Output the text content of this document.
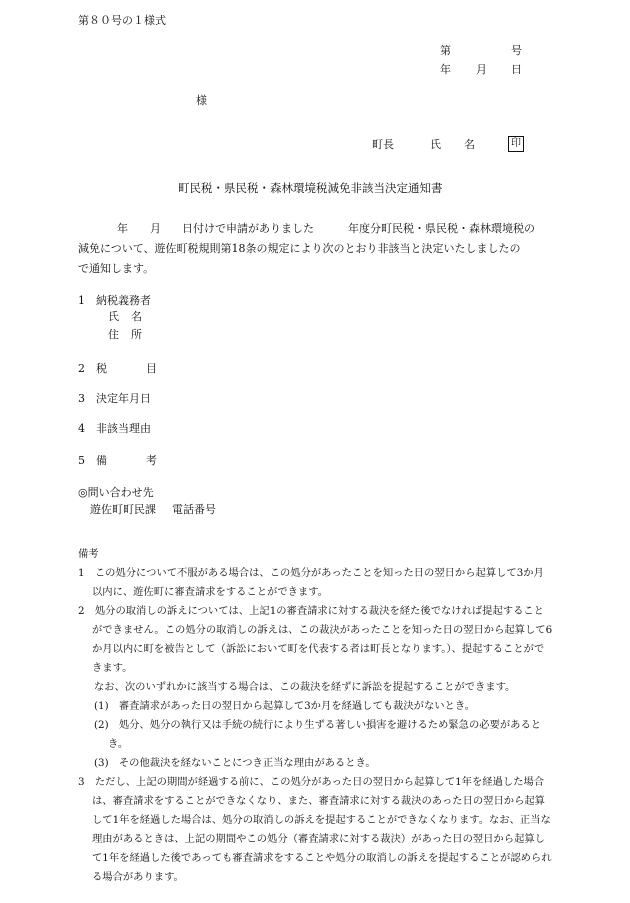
第８０号の１様式
第	号
年 月 日
様
町長	氏 名	印
町民税・県民税・森林環境税減免非該当決定通知書
年 月 日付けで申請がありました	年度分町民税・県民税・森林環境税の
減免について、遊佐町税規則第18条の規定により次のとおり非該当と決定いたしましたの
で通知します。
1　納税義務者
氏 名
住 所
2　税	目
3　決定年月日
4　非該当理由
5　備	考
◎問い合わせ先
遊佐町町民課 電話番号

備考

1　この処分について不服がある場合は、この処分があったことを知った日の翌日から起算して3か月以内に、遊佐町に審査請求をすることができます。

2　処分の取消しの訴えについては、上記1の審査請求に対する裁決を経た後でなければ提起することができません。この処分の取消しの訴えは、この裁決があったことを知った日の翌日から起算して6か月以内に町を被告として（訴訟において町を代表する者は町長となります。）、提起することができます。

なお、次のいずれかに該当する場合は、この裁決を経ずに訴訟を提起することができます。

(1)　審査請求があった日の翌日から起算して3か月を経過しても裁決がないとき。

(2)　処分、処分の執行又は手続の続行により生ずる著しい損害を避けるため緊急の必要があるとき。

(3)　その他裁決を経ないことにつき正当な理由があるとき。

3　ただし、上記の期間が経過する前に、この処分があった日の翌日から起算して1年を経過した場合は、審査請求をすることができなくなり、また、審査請求に対する裁決のあった日の翌日から起算して1年を経過した場合は、処分の取消しの訴えを提起することができなくなります。なお、正当な理由があるときは、上記の期間やこの処分（審査請求に対する裁決）があった日の翌日から起算して1年を経過した後であっても審査請求をすることや処分の取消しの訴えを提起することが認められる場合があります。
